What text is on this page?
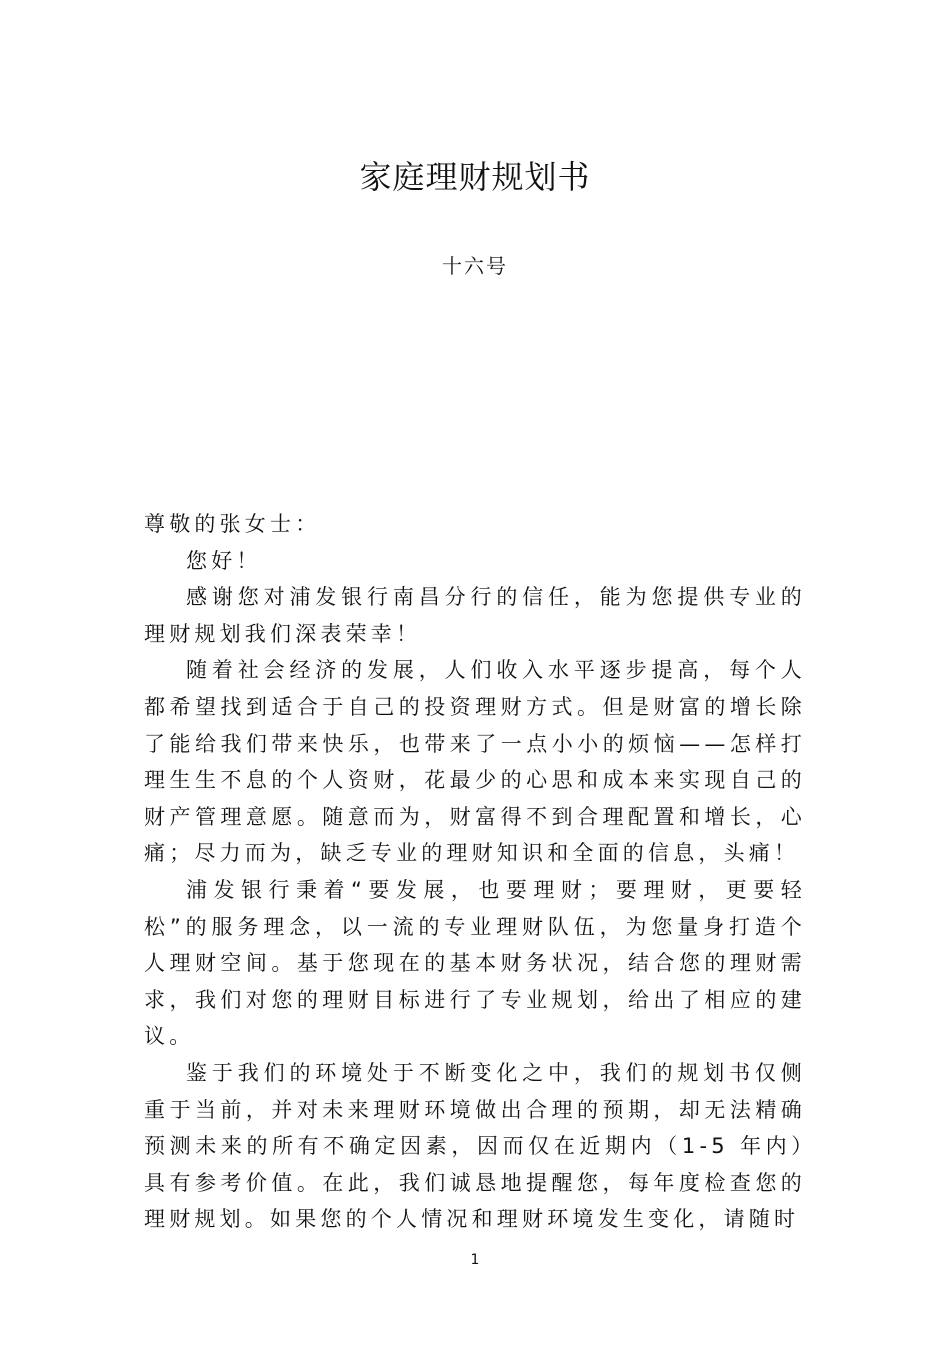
家庭理财规划书
十六号

尊敬的张女士：

您好！

感谢您对浦发银行南昌分行的信任，能为您提供专业的理财规划我们深表荣幸！

随着社会经济的发展，人们收入水平逐步提高，每个人都希望找到适合于自己的投资理财方式。但是财富的增长除了能给我们带来快乐，也带来了一点小小的烦恼——怎样打理生生不息的个人资财，花最少的心思和成本来实现自己的财产管理意愿。随意而为，财富得不到合理配置和增长，心痛；尽力而为，缺乏专业的理财知识和全面的信息，头痛！

浦发银行秉着“要发展，也要理财；要理财，更要轻松”的服务理念，以一流的专业理财队伍，为您量身打造个人理财空间。基于您现在的基本财务状况，结合您的理财需求，我们对您的理财目标进行了专业规划，给出了相应的建议。

鉴于我们的环境处于不断变化之中，我们的规划书仅侧重于当前，并对未来理财环境做出合理的预期，却无法精确预测未来的所有不确定因素，因而仅在近期内（1-5 年内）具有参考价值。在此，我们诚恳地提醒您，每年度检查您的理财规划。如果您的个人情况和理财环境发生变化，请随时

1
